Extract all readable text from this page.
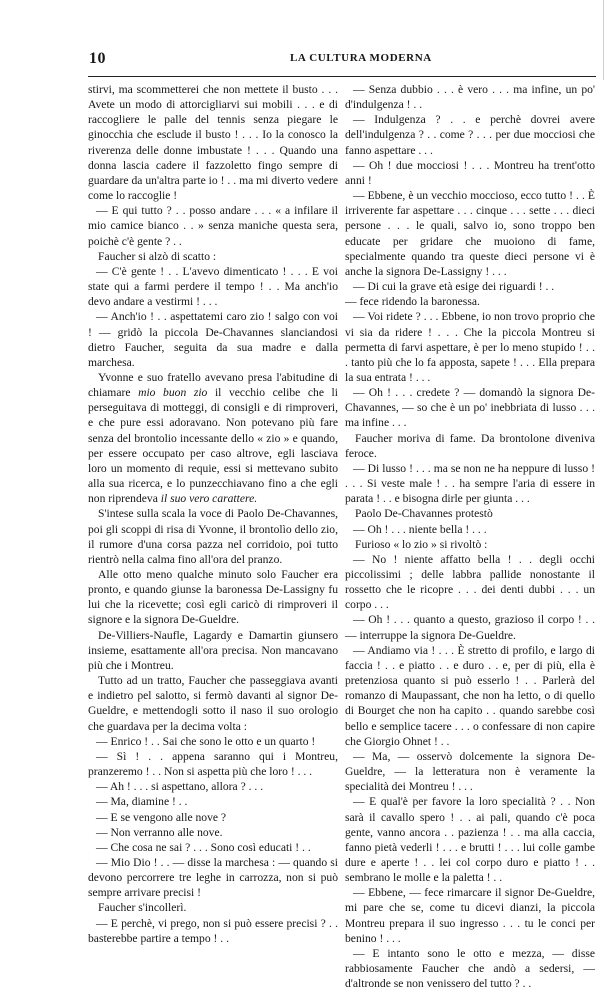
10	LA CULTURA MODERNA

stirvi, ma scommetterei che non mettete il busto . . . Avete un modo di attorcigliarvi sui mobili . . . e di raccogliere le palle del tennis senza piegare le ginocchia che esclude il busto ! . . . Io la conosco la riverenza delle donne imbustate ! . . . Quando una donna lascia cadere il fazzoletto fingo sempre di guardare da un'altra parte io ! . . ma mi diverto vedere come lo raccoglie !

— E qui tutto ? . . posso andare . . . « a infilare il mio camice bianco . . » senza maniche questa sera, poichè c'è gente ? . .

Faucher si alzò di scatto :

— C'è gente ! . . L'avevo dimenticato ! . . . E voi state qui a farmi perdere il tempo ! . . Ma anch'io devo andare a vestirmi ! . . .

— Anch'io ! . . aspettatemi caro zio ! salgo con voi ! — gridò la piccola De-Chavannes slanciandosi dietro Faucher, seguita da sua madre e dalla marchesa.

Yvonne e suo fratello avevano presa l'abitudine di chiamare mio buon zio il vecchio celibe che li perseguitava di motteggi, di consigli e di rimproveri, e che pure essi adoravano. Non potevano più fare senza del brontolio incessante dello « zio » e quando, per essere occupato per caso altrove, egli lasciava loro un momento di requie, essi si mettevano subito alla sua ricerca, e lo punzecchiavano fino a che egli non riprendeva il suo vero carattere.

S'intese sulla scala la voce di Paolo De-Chavannes, poi gli scoppi di risa di Yvonne, il brontolìo dello zio, il rumore d'una corsa pazza nel corridoio, poi tutto rientrò nella calma fino all'ora del pranzo.

Alle otto meno qualche minuto solo Faucher era pronto, e quando giunse la baronessa De-Lassigny fu lui che la ricevette; così egli caricò di rimproveri il signore e la signora De-Gueldre.

De-Villiers-Naufle, Lagardy e Damartin giunsero insieme, esattamente all'ora precisa. Non mancavano più che i Montreu.

Tutto ad un tratto, Faucher che passeggiava avanti e indietro pel salotto, si fermò davanti al signor De-Gueldre, e mettendogli sotto il naso il suo orologio che guardava per la decima volta :

— Enrico ! . . Sai che sono le otto e un quarto !

— Sì ! . . appena saranno qui i Montreu, pranzeremo ! . . Non si aspetta più che loro ! . . .

— Ah ! . . . si aspettano, allora ? . . .

— Ma, diamine ! . .

— E se vengono alle nove ?

— Non verranno alle nove.

— Che cosa ne sai ? . . . Sono così educati ! . .

— Mio Dio ! . . — disse la marchesa : — quando si devono percorrere tre leghe in carrozza, non si può sempre arrivare precisi !

Faucher s'incollerì.

— E perchè, vi prego, non si può essere precisi ? . . basterebbe partire a tempo ! . .

— Senza dubbio . . . è vero . . . ma infine, un po' d'indulgenza ! . .

— Indulgenza ? . . e perchè dovrei avere dell'indulgenza ? . . come ? . . . per due mocciosi che fanno aspettare . . .

— Oh ! due mocciosi ! . . . Montreu ha trent'otto anni !

— Ebbene, è un vecchio moccioso, ecco tutto ! . . È irriverente far aspettare . . . cinque . . . sette . . . dieci persone . . . le quali, salvo io, sono troppo ben educate per gridare che muoiono di fame, specialmente quando tra queste dieci persone vi è anche la signora De-Lassigny ! . . .

— Di cui la grave età esige dei riguardi ! . .

— fece ridendo la baronessa.

— Voi ridete ? . . . Ebbene, io non trovo proprio che vi sia da ridere ! . . . Che la piccola Montreu si permetta di farvi aspettare, è per lo meno stupido ! . . . tanto più che lo fa apposta, sapete ! . . . Ella prepara la sua entrata ! . . .

— Oh ! . . . credete ? — domandò la signora De-Chavannes, — so che è un po' inebbriata di lusso . . . ma infine . . .

Faucher moriva di fame. Da brontolone diveniva feroce.

— Di lusso ! . . . ma se non ne ha neppure di lusso ! . . . Si veste male ! . . ha sempre l'aria di essere in parata ! . . e bisogna dirle per giunta . . .

Paolo De-Chavannes protestò

— Oh ! . . . niente bella ! . . .

Furioso « lo zio » si rivoltò :

— No ! niente affatto bella ! . . degli occhi piccolissimi ; delle labbra pallide nonostante il rossetto che le ricopre . . . dei denti dubbi . . . un corpo . . .

— Oh ! . . . quanto a questo, grazioso il corpo ! . . — interruppe la signora De-Gueldre.

— Andiamo via ! . . . È stretto di profilo, e largo di faccia ! . . e piatto . . e duro . . e, per di più, ella è pretenziosa quanto si può esserlo ! . . Parlerà del romanzo di Maupassant, che non ha letto, o di quello di Bourget che non ha capito . . quando sarebbe così bello e semplice tacere . . . o confessare di non capire che Giorgio Ohnet ! . .

— Ma, — osservò dolcemente la signora De-Gueldre, — la letteratura non è veramente la specialità dei Montreu ! . . .

— E qual'è per favore la loro specialità ? . . Non sarà il cavallo spero ! . . ai pali, quando c'è poca gente, vanno ancora . . pazienza ! . . ma alla caccia, fanno pietà vederli ! . . . e brutti ! . . . lui colle gambe dure e aperte ! . . lei col corpo duro e piatto ! . . sembrano le molle e la paletta ! . .

— Ebbene, — fece rimarcare il signor De-Gueldre, mi pare che se, come tu dicevi dianzi, la piccola Montreu prepara il suo ingresso . . . tu le conci per benino ! . . .

— E intanto sono le otto e mezza, — disse rabbiosamente Faucher che andò a sedersi, — d'altronde se non venissero del tutto ? . .
